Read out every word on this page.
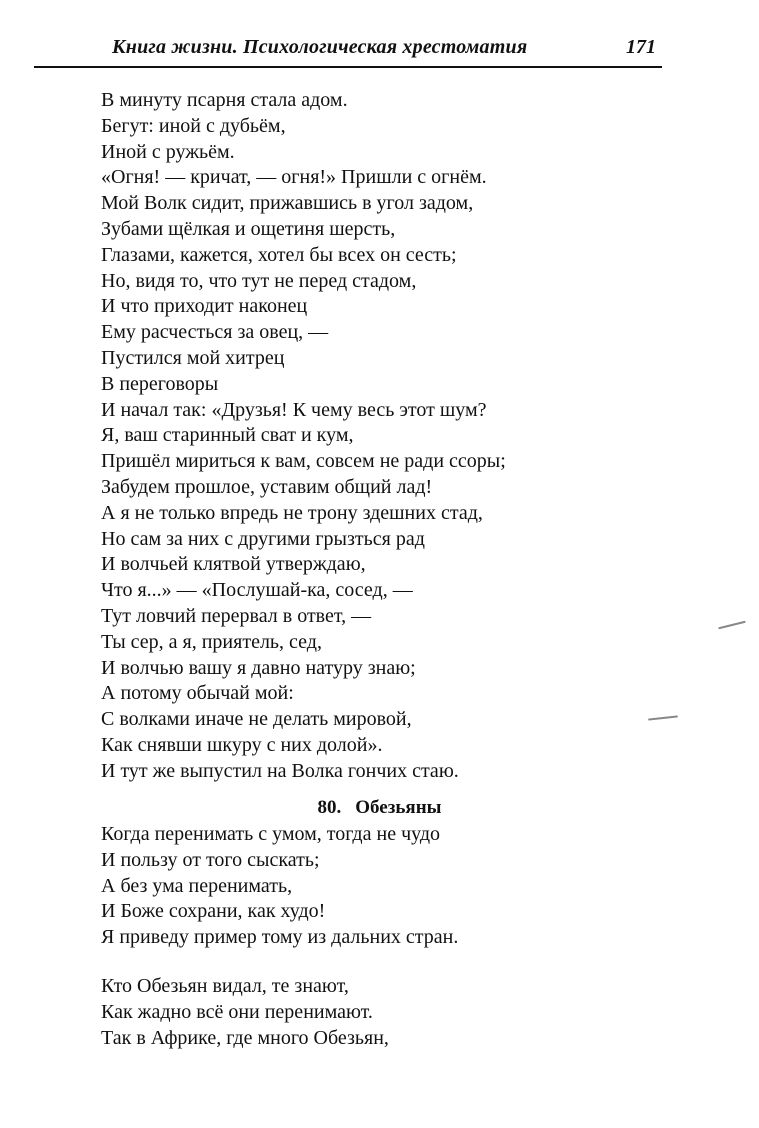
Книга жизни. Психологическая хрестоматия	171
В минуту псарня стала адом.
Бегут: иной с дубьём,
Иной с ружьём.
«Огня! — кричат, — огня!» Пришли с огнём.
Мой Волк сидит, прижавшись в угол задом,
Зубами щёлкая и ощетиня шерсть,
Глазами, кажется, хотел бы всех он сесть;
Но, видя то, что тут не перед стадом,
И что приходит наконец
Ему расчесться за овец, —
Пустился мой хитрец
В переговоры
И начал так: «Друзья! К чему весь этот шум?
Я, ваш старинный сват и кум,
Пришёл мириться к вам, совсем не ради ссоры;
Забудем прошлое, уставим общий лад!
А я не только впредь не трону здешних стад,
Но сам за них с другими грызться рад
И волчьей клятвой утверждаю,
Что я...» — «Послушай-ка, сосед, —
Тут ловчий перервал в ответ, —
Ты сер, а я, приятель, сед,
И волчью вашу я давно натуру знаю;
А потому обычай мой:
С волками иначе не делать мировой,
Как снявши шкуру с них долой».
И тут же выпустил на Волка гончих стаю.
80. Обезьяны
Когда перенимать с умом, тогда не чудо
И пользу от того сыскать;
А без ума перенимать,
И Боже сохрани, как худо!
Я приведу пример тому из дальних стран.
Кто Обезьян видал, те знают,
Как жадно всё они перенимают.
Так в Африке, где много Обезьян,
